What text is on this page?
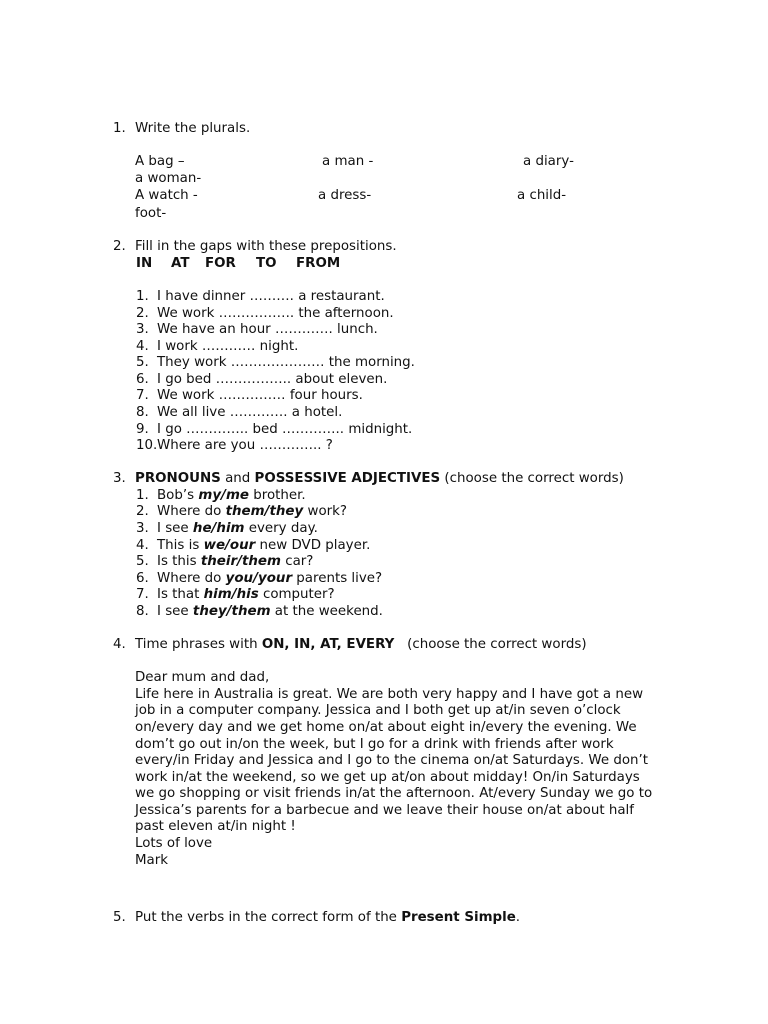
1. Write the plurals.
A bag –	a man -	a diary-
a woman-
A watch -	a dress-	a child-
foot-
2. Fill in the gaps with these prepositions.
IN AT FOR TO FROM
1. I have dinner ………. a restaurant.
2. We work …………….. the afternoon.
3. We have an hour …………. lunch.
4. I work ………… night.
5. They work ………………… the morning.
6. I go bed …………….. about eleven.
7. We work …………… four hours.
8. We all live …………. a hotel.
9. I go ………….. bed ………….. midnight.
10. Where are you ………….. ?
3. PRONOUNS and POSSESSIVE ADJECTIVES (choose the correct words)
1. Bob’s my/me brother.
2. Where do them/they work?
3. I see he/him every day.
4. This is we/our new DVD player.
5. Is this their/them car?
6. Where do you/your parents live?
7. Is that him/his computer?
8. I see they/them at the weekend.
4. Time phrases with ON, IN, AT, EVERY   (choose the correct words)
Dear mum and dad,
Life here in Australia is great. We are both very happy and I have got a new
job in a computer company. Jessica and I both get up at/in seven o’clock
on/every day and we get home on/at about eight in/every the evening. We
dom’t go out in/on the week, but I go for a drink with friends after work
every/in Friday and Jessica and I go to the cinema on/at Saturdays. We don’t
work in/at the weekend, so we get up at/on about midday! On/in Saturdays
we go shopping or visit friends in/at the afternoon. At/every Sunday we go to
Jessica’s parents for a barbecue and we leave their house on/at about half
past eleven at/in night !
Lots of love
Mark
5. Put the verbs in the correct form of the Present Simple.
